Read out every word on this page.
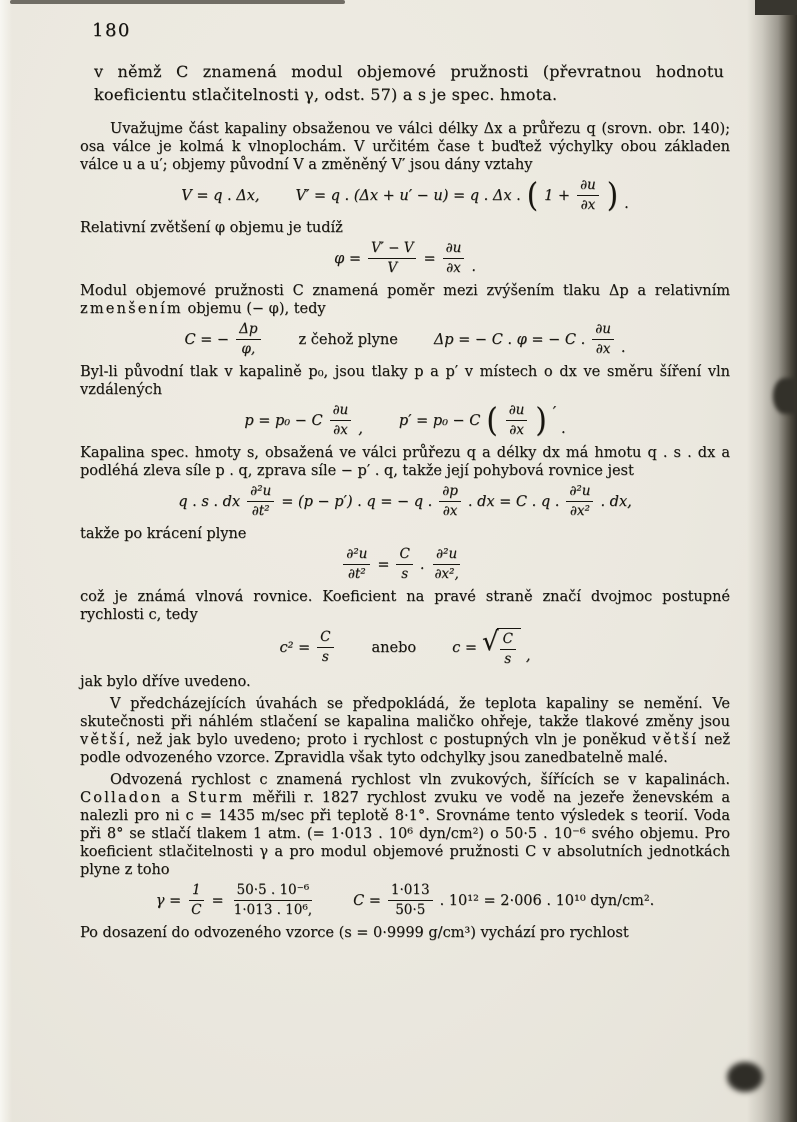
180

v němž C znamená modul objemové pružnosti (převratnou hodnotu koeficientu stlačitelnosti γ, odst. 57) a s je spec. hmota.

Uvažujme část kapaliny obsaženou ve válci délky Δx a průřezu q (srovn. obr. 140); osa válce je kolmá k vlnoplochám. V určitém čase t buďtež výchylky obou základen válce u a u′; objemy původní V a změněný V′ jsou dány vztahy

V = q . Δx, V′ = q . (Δx + u′ − u) = q . Δx . ( $1 + \frac{\partial u}{\partial x}$ ) .

Relativní zvětšení φ objemu je tudíž

$\varphi = \frac{V' - V}{V} = \frac{\partial u}{\partial x}$ .

Modul objemové pružnosti C znamená poměr mezi zvýšením tlaku Δp a relativním zmenšením objemu (− φ), tedy

C = − $\frac{\Delta p}{\varphi,}$	z čehož plyne Δp = − C . φ = − C . $\frac{\partial u}{\partial x}$ .

Byl-li původní tlak v kapalině p₀, jsou tlaky p a p′ v místech o dx ve směru šíření vln vzdálených

p = p₀ − C $\frac{\partial u}{\partial x}$ , p′ = p₀ − C ( $\frac{\partial u}{\partial x}$ ) ′
.

Kapalina spec. hmoty s, obsažená ve válci průřezu q a délky dx má hmotu q . s . dx a podléhá zleva síle p . q, zprava síle − p′ . q, takže její pohybová rovnice jest

q . s . dx $\frac{\text{∂²u}}{\text{∂t²}} = (p - p')$ . q = − q . $\frac{\partial p}{\partial x}$ . dx = C . q . $\frac{\text{∂²u}}{\text{∂x²}}$ . dx,

takže po krácení plyne

$\frac{\text{∂²u}}{\text{∂t²}} = \frac{C}{s}$ . $\frac{\text{∂²u}}{\text{∂x²,}}$

což je známá vlnová rovnice. Koeficient na pravé straně značí dvojmoc postupné rychlosti c, tedy

$c^2 = \frac{C}{s}$	anebo c = √ $\frac{C}{s}$ ,

jak bylo dříve uvedeno.

V předcházejících úvahách se předpokládá, že teplota kapaliny se nemění. Ve skutečnosti při náhlém stlačení se kapalina maličko ohřeje, takže tlakové změny jsou větší, než jak bylo uvedeno; proto i rychlost c postupných vln je poněkud větší než podle odvozeného vzorce. Zpravidla však tyto odchylky jsou zanedbatelně malé.

Odvozená rychlost c znamená rychlost vln zvukových, šířících se v kapalinách. Colladon a Sturm měřili r. 1827 rychlost zvuku ve vodě na jezeře ženevském a nalezli pro ni c = 1435 m/sec při teplotě 8·1°. Srovnáme tento výsledek s teorií. Voda při 8° se stlačí tlakem 1 atm. (= 1·013 . 10⁶ dyn/cm²) o 50·5 . 10⁻⁶ svého objemu. Pro koeficient stlačitelnosti γ a pro modul objemové pružnosti C v absolutních jednotkách plyne z toho

$\gamma = \frac{1}{C} = \frac{\text{50·5 . 10⁻⁶}}{\text{1·013 . 10⁶,}}$	$C = \frac{1\cdot 013}{50\cdot 5}$ . 10¹² = 2·006 . 10¹⁰ dyn/cm².

Po dosazení do odvozeného vzorce (s = 0·9999 g/cm³) vychází pro rychlost
